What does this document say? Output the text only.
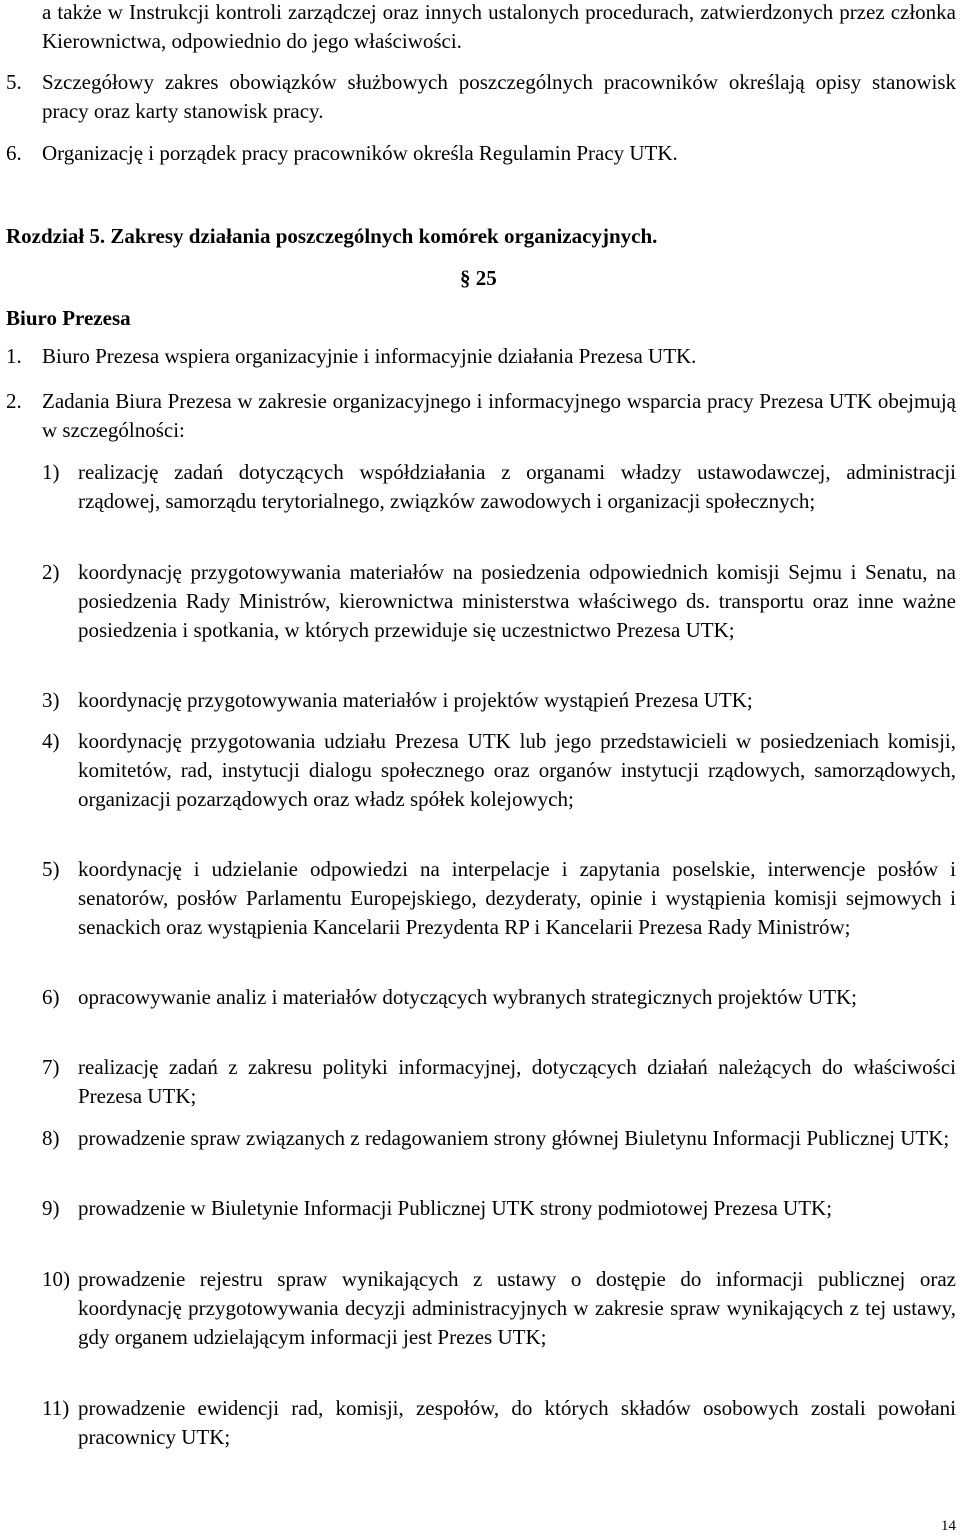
a także w Instrukcji kontroli zarządczej oraz innych ustalonych procedurach, zatwierdzonych przez członka Kierownictwa, odpowiednio do jego właściwości.

5. Szczegółowy zakres obowiązków służbowych poszczególnych pracowników określają opisy stanowisk pracy oraz karty stanowisk pracy.
6. Organizację i porządek pracy pracowników określa Regulamin Pracy UTK.

Rozdział 5. Zakresy działania poszczególnych komórek organizacyjnych.

§ 25

Biuro Prezesa

1. Biuro Prezesa wspiera organizacyjnie i informacyjnie działania Prezesa UTK.
2. Zadania Biura Prezesa w zakresie organizacyjnego i informacyjnego wsparcia pracy Prezesa UTK obejmują w szczególności:
1) realizację zadań dotyczących współdziałania z organami władzy ustawodawczej, administracji rządowej, samorządu terytorialnego, związków zawodowych i organizacji społecznych;
2) koordynację przygotowywania materiałów na posiedzenia odpowiednich komisji Sejmu i Senatu, na posiedzenia Rady Ministrów, kierownictwa ministerstwa właściwego ds. transportu oraz inne ważne posiedzenia i spotkania, w których przewiduje się uczestnictwo Prezesa UTK;
3) koordynację przygotowywania materiałów i projektów wystąpień Prezesa UTK;
4) koordynację przygotowania udziału Prezesa UTK lub jego przedstawicieli w posiedzeniach komisji, komitetów, rad, instytucji dialogu społecznego oraz organów instytucji rządowych, samorządowych, organizacji pozarządowych oraz władz spółek kolejowych;
5) koordynację i udzielanie odpowiedzi na interpelacje i zapytania poselskie, interwencje posłów i senatorów, posłów Parlamentu Europejskiego, dezyderaty, opinie i wystąpienia komisji sejmowych i senackich oraz wystąpienia Kancelarii Prezydenta RP i Kancelarii Prezesa Rady Ministrów;
6) opracowywanie analiz i materiałów dotyczących wybranych strategicznych projektów UTK;
7) realizację zadań z zakresu polityki informacyjnej, dotyczących działań należących do właściwości Prezesa UTK;
8) prowadzenie spraw związanych z redagowaniem strony głównej Biuletynu Informacji Publicznej UTK;
9) prowadzenie w Biuletynie Informacji Publicznej UTK strony podmiotowej Prezesa UTK;
10) prowadzenie rejestru spraw wynikających z ustawy o dostępie do informacji publicznej oraz koordynację przygotowywania decyzji administracyjnych w zakresie spraw wynikających z tej ustawy, gdy organem udzielającym informacji jest Prezes UTK;
11) prowadzenie ewidencji rad, komisji, zespołów, do których składów osobowych zostali powołani pracownicy UTK;
14
